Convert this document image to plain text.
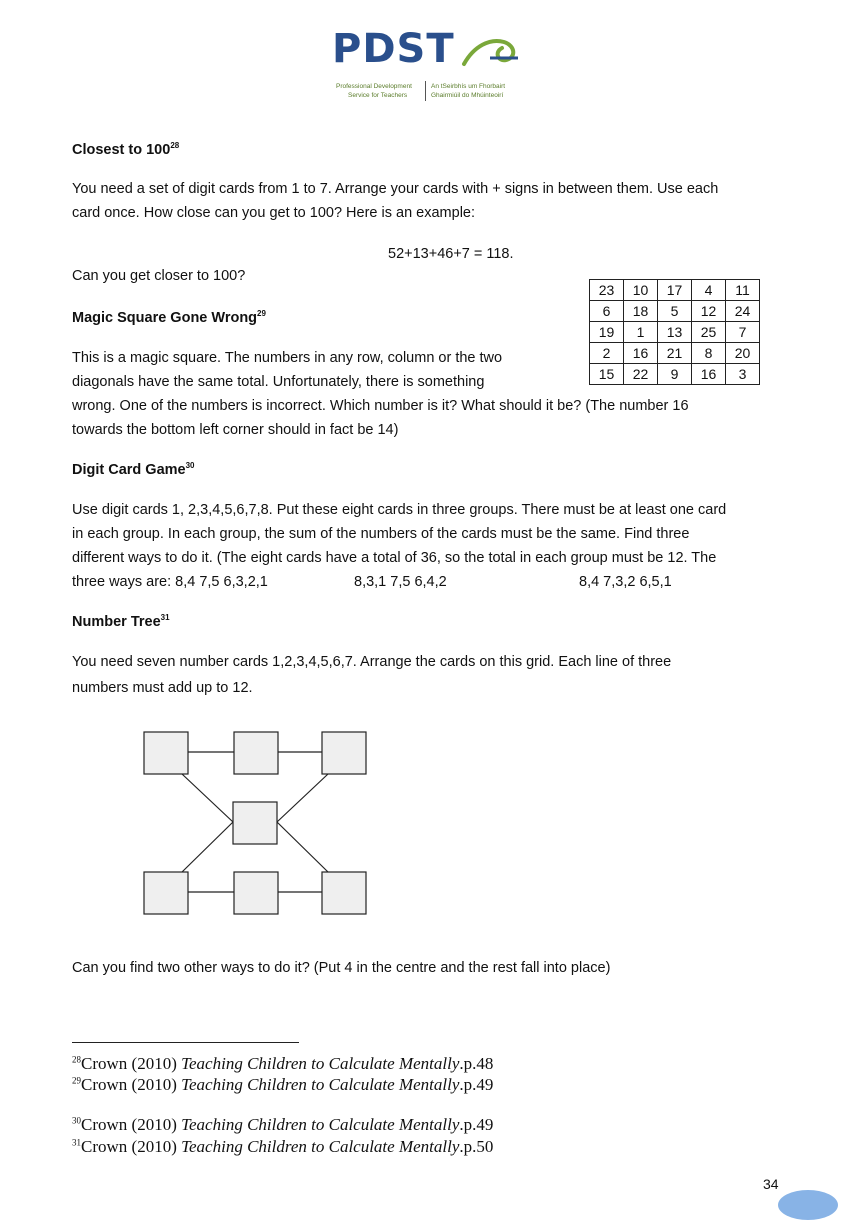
PDST
Professional Development
Service for Teachers
An tSeirbhís um Fhorbairt
Ghairmiúil do Mhúinteoirí
Closest to $100^{28}$
You need a set of digit cards from 1 to 7. Arrange your cards with + signs in between them. Use each
card once. How close can you get to 100? Here is an example:
52+13+46+7 = 118.
Can you get closer to 100?
Magic Square Gone Wrong$^{29}$
23	10	17	4	11
6	18	5	12	24
19	1	13	25	7
2	16	21	8	20
15	22	9	16	3
This is a magic square. The numbers in any row, column or the two
diagonals have the same total. Unfortunately, there is something
wrong. One of the numbers is incorrect. Which number is it? What should it be? (The number 16
towards the bottom left corner should in fact be 14)
Digit Card Game$^{30}$
Use digit cards 1, 2,3,4,5,6,7,8. Put these eight cards in three groups. There must be at least one card
in each group. In each group, the sum of the numbers of the cards must be the same. Find three
different ways to do it. (The eight cards have a total of 36, so the total in each group must be 12. The
three ways are: 8,4 7,5 6,3,2,1	8,3,1 7,5 6,4,2	8,4 7,3,2 6,5,1
Number Tree$^{31}$
You need seven number cards 1,2,3,4,5,6,7. Arrange the cards on this grid. Each line of three
numbers must add up to 12.
Can you find two other ways to do it? (Put 4 in the centre and the rest fall into place)
$^{28}$Crown (2010) Teaching Children to Calculate Mentally.p.48
$^{29}$Crown (2010) Teaching Children to Calculate Mentally.p.49
$^{30}$Crown (2010) Teaching Children to Calculate Mentally.p.49
$^{31}$Crown (2010) Teaching Children to Calculate Mentally.p.50
34
